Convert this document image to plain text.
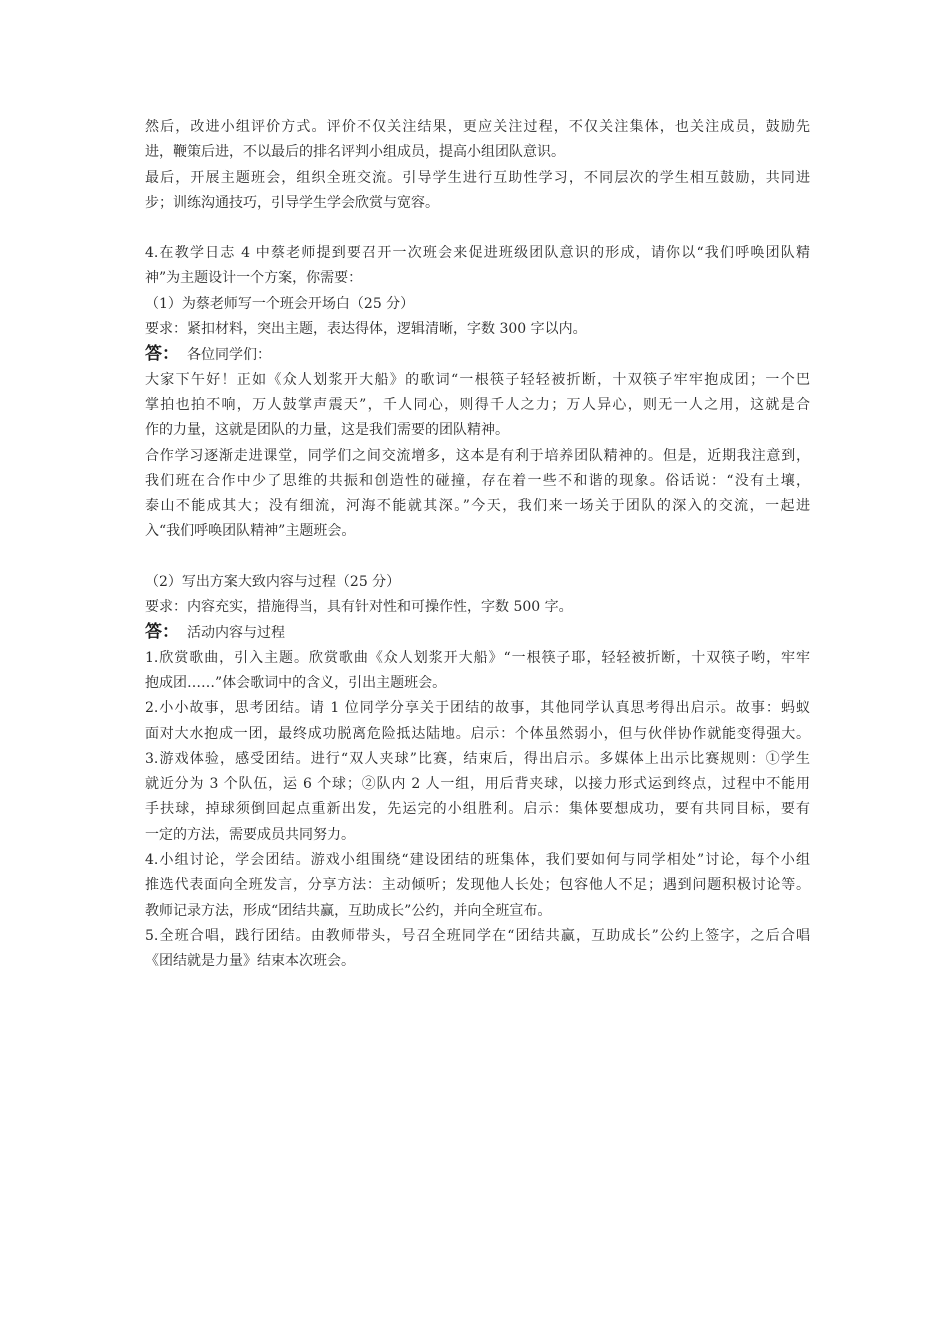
然后，改进小组评价方式。评价不仅关注结果，更应关注过程，不仅关注集体，也关注成员，鼓励先
进，鞭策后进，不以最后的排名评判小组成员，提高小组团队意识。
最后，开展主题班会，组织全班交流。引导学生进行互助性学习，不同层次的学生相互鼓励，共同进
步；训练沟通技巧，引导学生学会欣赏与宽容。
4.在教学日志 4 中蔡老师提到要召开一次班会来促进班级团队意识的形成，请你以“我们呼唤团队精
神”为主题设计一个方案，你需要：
（1）为蔡老师写一个班会开场白（25 分）
要求：紧扣材料，突出主题，表达得体，逻辑清晰，字数 300 字以内。
答： 各位同学们：
大家下午好！正如《众人划浆开大船》的歌词“一根筷子轻轻被折断，十双筷子牢牢抱成团；一个巴
掌拍也拍不响，万人鼓掌声震天”，千人同心，则得千人之力；万人异心，则无一人之用，这就是合
作的力量，这就是团队的力量，这是我们需要的团队精神。
合作学习逐渐走进课堂，同学们之间交流增多，这本是有利于培养团队精神的。但是，近期我注意到，
我们班在合作中少了思维的共振和创造性的碰撞，存在着一些不和谐的现象。俗话说：“没有土壤，
泰山不能成其大；没有细流，河海不能就其深。”今天，我们来一场关于团队的深入的交流，一起进
入“我们呼唤团队精神”主题班会。
（2）写出方案大致内容与过程（25 分）
要求：内容充实，措施得当，具有针对性和可操作性，字数 500 字。
答： 活动内容与过程
1.欣赏歌曲，引入主题。欣赏歌曲《众人划浆开大船》“一根筷子耶，轻轻被折断，十双筷子哟，牢牢
抱成团……”体会歌词中的含义，引出主题班会。
2.小小故事，思考团结。请 1 位同学分享关于团结的故事，其他同学认真思考得出启示。故事：蚂蚁
面对大水抱成一团，最终成功脱离危险抵达陆地。启示：个体虽然弱小，但与伙伴协作就能变得强大。
3.游戏体验，感受团结。进行“双人夹球”比赛，结束后，得出启示。多媒体上出示比赛规则：①学生
就近分为 3 个队伍，运 6 个球；②队内 2 人一组，用后背夹球，以接力形式运到终点，过程中不能用
手扶球，掉球须倒回起点重新出发，先运完的小组胜利。启示：集体要想成功，要有共同目标，要有
一定的方法，需要成员共同努力。
4.小组讨论，学会团结。游戏小组围绕“建设团结的班集体，我们要如何与同学相处”讨论，每个小组
推选代表面向全班发言，分享方法：主动倾听；发现他人长处；包容他人不足；遇到问题积极讨论等。
教师记录方法，形成“团结共赢，互助成长”公约，并向全班宣布。
5.全班合唱，践行团结。由教师带头，号召全班同学在“团结共赢，互助成长”公约上签字，之后合唱
《团结就是力量》结束本次班会。
